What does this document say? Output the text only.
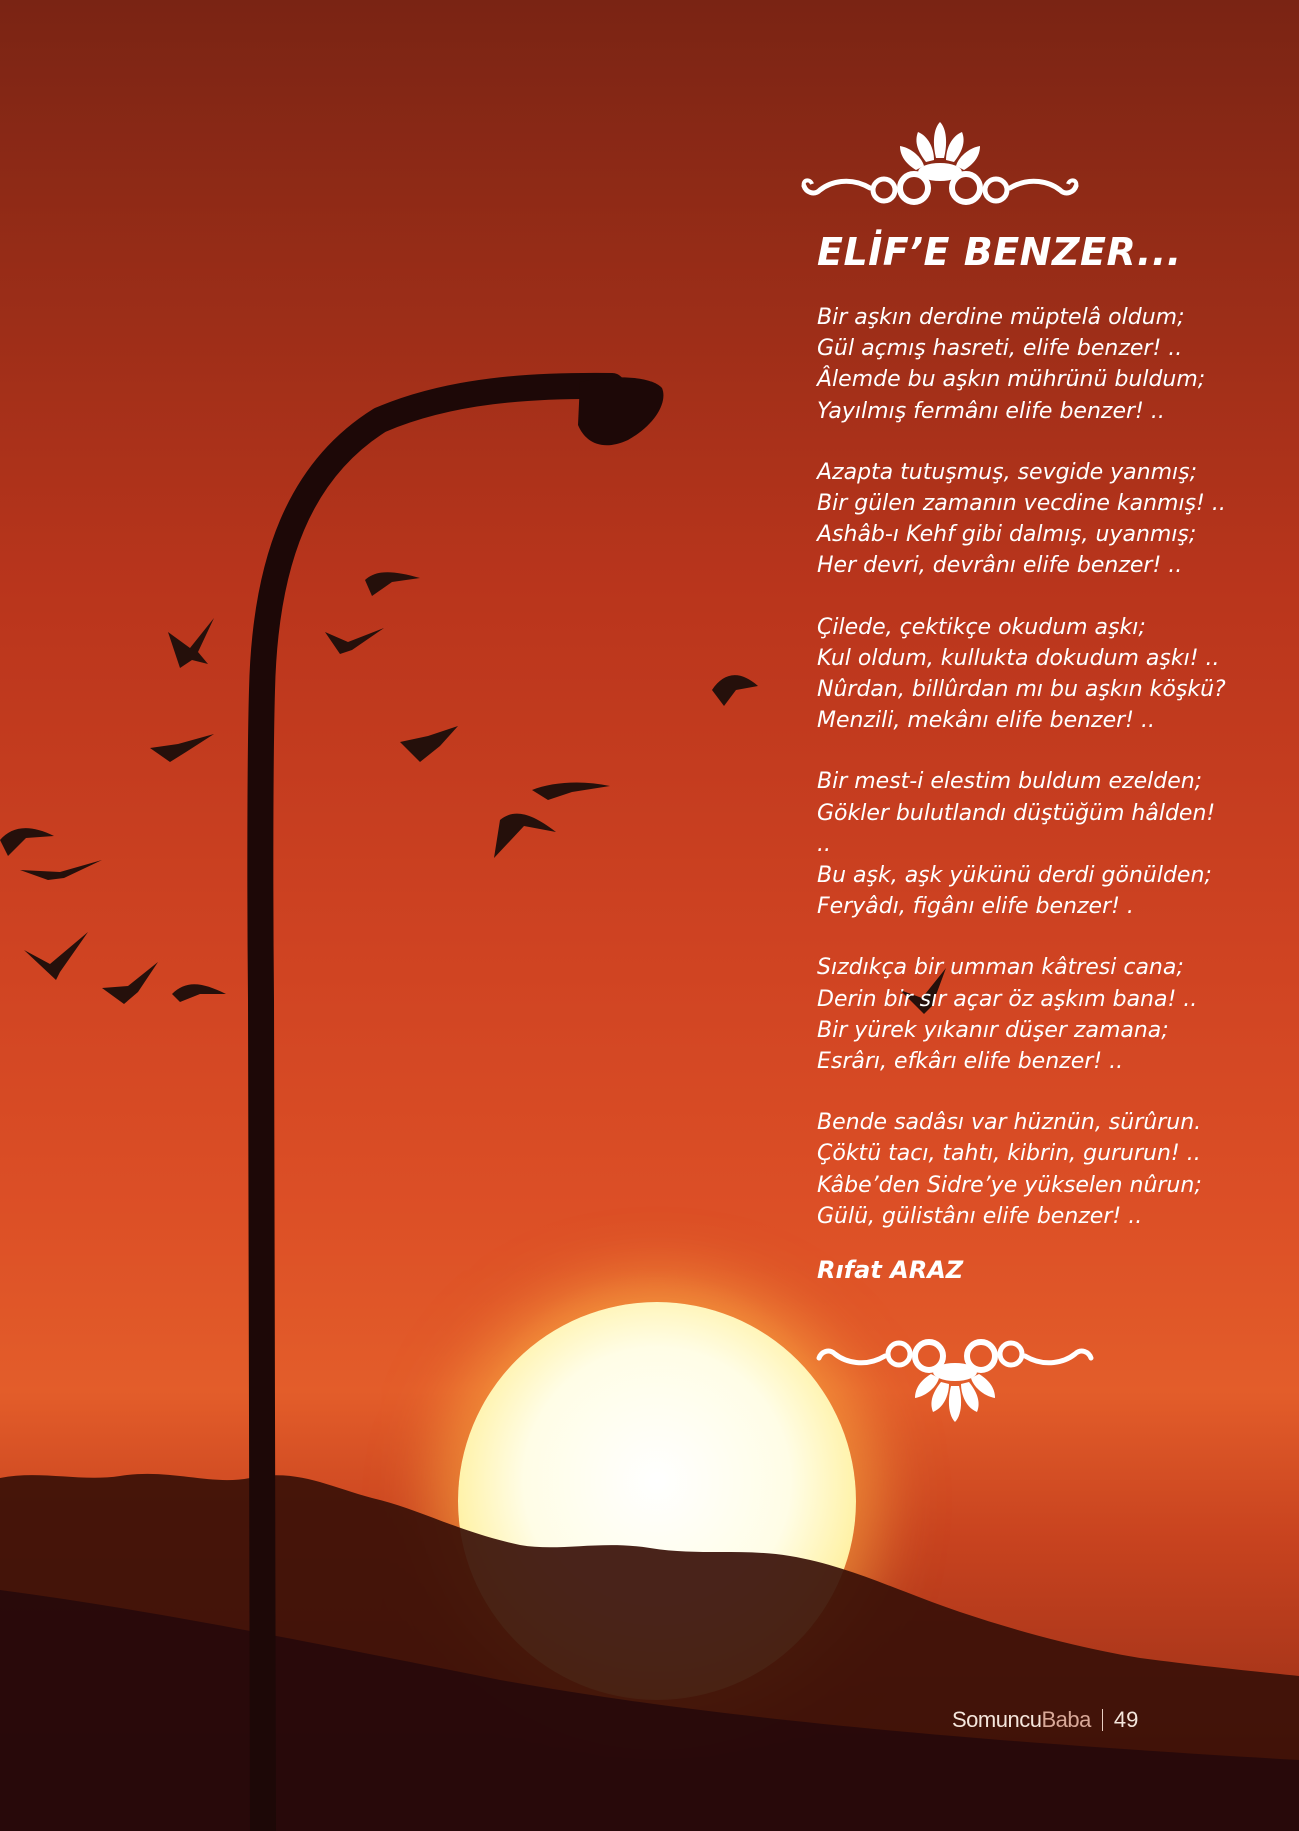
ELİF’E BENZER...
Bir aşkın derdine müptelâ oldum;
Gül açmış hasreti, elife benzer! ..
Âlemde bu aşkın mührünü buldum;
Yayılmış fermânı elife benzer! ..
Azapta tutuşmuş, sevgide yanmış;
Bir gülen zamanın vecdine kanmış! ..
Ashâb-ı Kehf gibi dalmış, uyanmış;
Her devri, devrânı elife benzer! ..
Çilede, çektikçe okudum aşkı;
Kul oldum, kullukta dokudum aşkı! ..
Nûrdan, billûrdan mı bu aşkın köşkü?
Menzili, mekânı elife benzer! ..
Bir mest-i elestim buldum ezelden;
Gökler bulutlandı düştüğüm hâlden!
..
Bu aşk, aşk yükünü derdi gönülden;
Feryâdı, figânı elife benzer! .
Sızdıkça bir umman kâtresi cana;
Derin bir sır açar öz aşkım bana! ..
Bir yürek yıkanır düşer zamana;
Esrârı, efkârı elife benzer! ..
Bende sadâsı var hüznün, sürûrun.
Çöktü tacı, tahtı, kibrin, gururun! ..
Kâbe’den Sidre’ye yükselen nûrun;
Gülü, gülistânı elife benzer! ..
Rıfat ARAZ
Somuncu Baba 49
